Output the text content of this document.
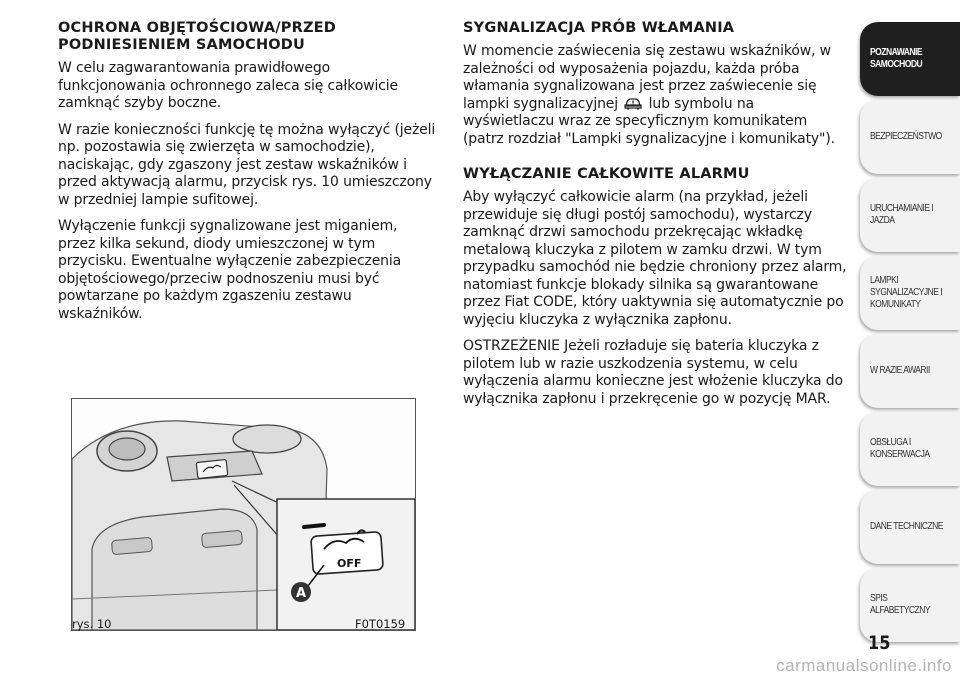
OCHRONA OBJĘTOŚCIOWA/PRZED PODNIESIENIEM SAMOCHODU

W celu zagwarantowania prawidłowego funkcjonowania ochronnego zaleca się całkowicie zamknąć szyby boczne.

W razie konieczności funkcję tę można wyłączyć (jeżeli np. pozostawia się zwierzęta w samochodzie), naciskając, gdy zgaszony jest zestaw wskaźników i przed aktywacją alarmu, przycisk rys. 10 umieszczony w przedniej lampie sufitowej.

Wyłączenie funkcji sygnalizowane jest miganiem, przez kilka sekund, diody umieszczonej w tym przycisku. Ewentualne wyłączenie zabezpieczenia objętościowego/przeciw podnoszeniu musi być powtarzane po każdym zgaszeniu zestawu wskaźników.

SYGNALIZACJA PRÓB WŁAMANIA

W momencie zaświecenia się zestawu wskaźników, w zależności od wyposażenia pojazdu, każda próba włamania sygnalizowana jest przez zaświecenie się lampki sygnalizacyjnej lub symbolu na wyświetlaczu wraz ze specyficznym komunikatem (patrz rozdział "Lampki sygnalizacyjne i komunikaty").

WYŁĄCZANIE CAŁKOWITE ALARMU

Aby wyłączyć całkowicie alarm (na przykład, jeżeli przewiduje się długi postój samochodu), wystarczy zamknąć drzwi samochodu przekręcając wkładkę metalową kluczyka z pilotem w zamku drzwi. W tym przypadku samochód nie będzie chroniony przez alarm, natomiast funkcje blokady silnika są gwarantowane przez Fiat CODE, który uaktywnia się automatycznie po wyjęciu kluczyka z wyłącznika zapłonu.

OSTRZEŻENIE Jeżeli rozładuje się bateria kluczyka z pilotem lub w razie uszkodzenia systemu, w celu wyłączenia alarmu konieczne jest włożenie kluczyka do wyłącznika zapłonu i przekręcenie go w pozycję MAR.

OFF
A
rys. 10	F0T0159
POZNAWANIE SAMOCHODU
BEZPIECZEŃSTWO
URUCHAMIANIE I JAZDA
LAMPKI SYGNALIZACYJNE I KOMUNIKATY
W RAZIE AWARII
OBSŁUGA I KONSERWACJA
DANE TECHNICZNE
SPIS ALFABETYCZNY
15
carmanualsonline.info
